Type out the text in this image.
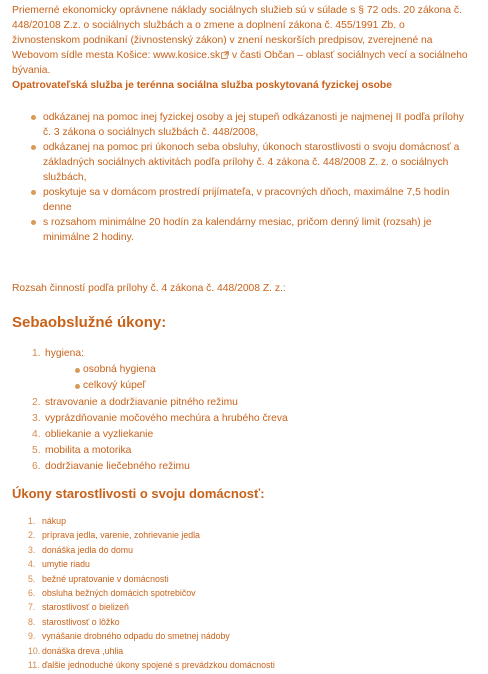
Priemerné ekonomicky oprávnene náklady sociálnych služieb sú v súlade s § 72 ods. 20 zákona č. 448/20108 Z.z. o sociálnych službách a o zmene a doplnení zákona č. 455/1991 Zb. o živnostenskom podnikaní (živnostenský zákon) v znení neskorších predpisov, zverejnené na Webovom sídle mesta Košice: www.kosice.sk v časti Občan – oblasť sociálnych vecí a sociálneho bývania.

Opatrovateľská služba je terénna sociálna služba poskytovaná fyzickej osobe

odkázanej na pomoc inej fyzickej osoby a jej stupeň odkázanosti je najmenej II podľa prílohy č. 3 zákona o sociálnych službách č. 448/2008,
odkázanej na pomoc pri úkonoch seba obsluhy, úkonoch starostlivosti o svoju domácnosť a základných sociálnych aktivitách podľa prílohy č. 4 zákona č. 448/2008 Z. z. o sociálnych službách,
poskytuje sa v domácom prostredí prijímateľa, v pracovných dňoch, maximálne 7,5 hodín denne
s rozsahom minimálne 20 hodín za kalendárny mesiac, pričom denný limit (rozsah) je minimálne 2 hodiny.

Rozsah činností podľa prílohy č. 4 zákona č. 448/2008 Z. z.:

Sebaobslužné úkony:
1. hygiena:
osobná hygiena
celkový kúpeľ
2. stravovanie a dodržiavanie pitného režimu
3. vyprázdňovanie močového mechúra a hrubého čreva
4. obliekanie a vyzliekanie
5. mobilita a motorika
6. dodržiavanie liečebného režimu
Úkony starostlivosti o svoju domácnosť:
1. nákup
2. príprava jedla, varenie, zohrievanie jedla
3. donáška jedla do domu
4. umytie riadu
5. bežné upratovanie v domácnosti
6. obsluha bežných domácich spotrebičov
7. starostlivosť o bielizeň
8. starostlivosť o lôžko
9. vynášanie drobného odpadu do smetnej nádoby
10. donáška dreva ,uhlia
11. ďalšie jednoduché úkony spojené s prevádzkou domácnosti
